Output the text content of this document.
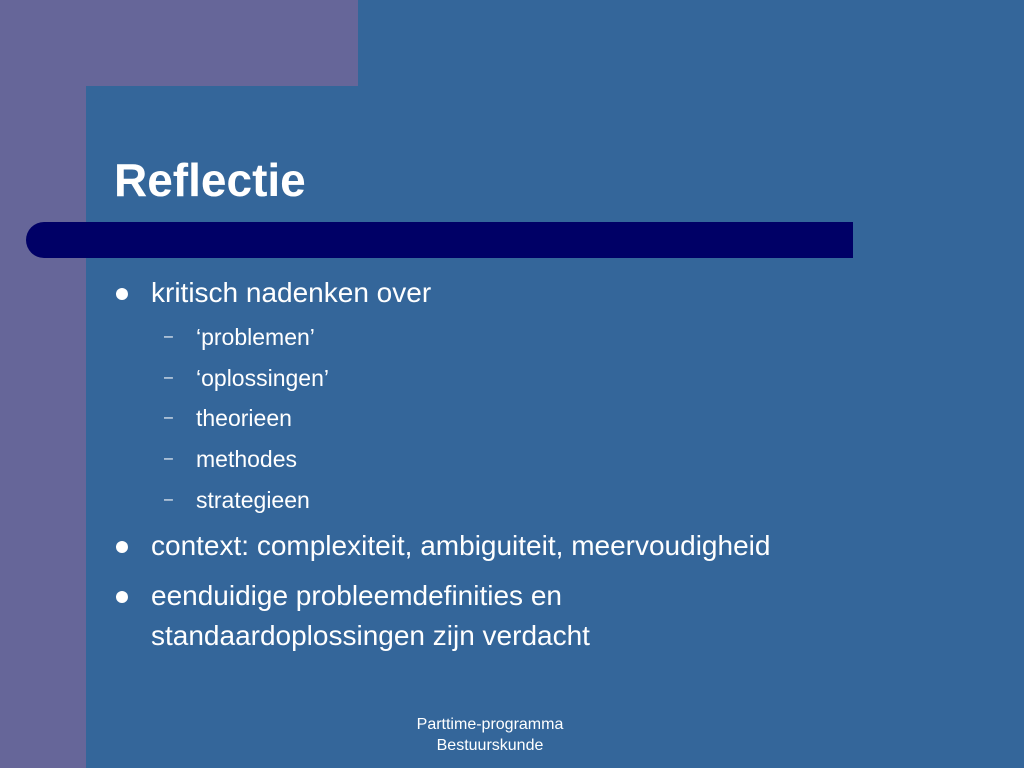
Reflectie
kritisch nadenken over
– ‘problemen’
– ‘oplossingen’
– theorieen
– methodes
– strategieen
context: complexiteit, ambiguiteit, meervoudigheid
eenduidige probleemdefinities en
standaardoplossingen zijn verdacht
Parttime-programma
Bestuurskunde
